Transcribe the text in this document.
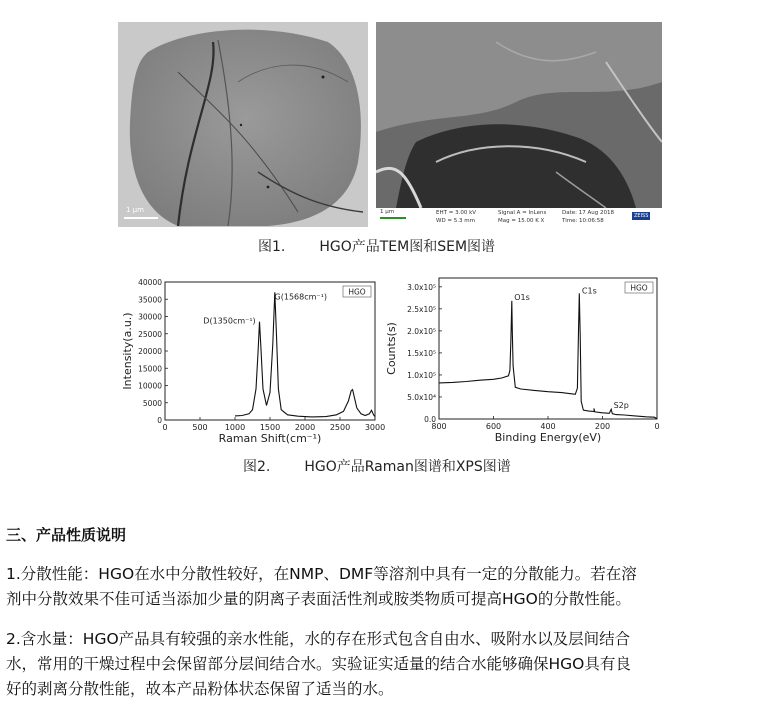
1 μm	1 μm	EHT = 3.00 kV
WD = 5.3 mm
Signal A = InLens
Mag = 15.00 K X
Date: 17 Aug 2018
Time: 10:06:58
ZEISS
图1. HGO产品TEM图和SEM图谱
0	500 1000 1500 2000 2500 3000
0
5000
10000
15000
20000
25000
30000
35000
40000
D(1350cm⁻¹)
G(1568cm⁻¹)
HGO
Raman Shift(cm⁻¹)
Intensity(a.u.)
800	600	400	200	0
0.0
5.0x10⁴
1.0x10⁵
1.5x10⁵
2.0x10⁵
2.5x10⁵
3.0x10⁵
O1s
C1s
S2p
HGO
Binding Energy(eV)
Counts(s)
图2. HGO产品Raman图谱和XPS图谱
三、产品性质说明
1.分散性能：HGO在水中分散性较好，在NMP、DMF等溶剂中具有一定的分散能力。若在溶
剂中分散效果不佳可适当添加少量的阴离子表面活性剂或胺类物质可提高HGO的分散性能。
2.含水量：HGO产品具有较强的亲水性能，水的存在形式包含自由水、吸附水以及层间结合
水，常用的干燥过程中会保留部分层间结合水。实验证实适量的结合水能够确保HGO具有良
好的剥离分散性能，故本产品粉体状态保留了适当的水。
